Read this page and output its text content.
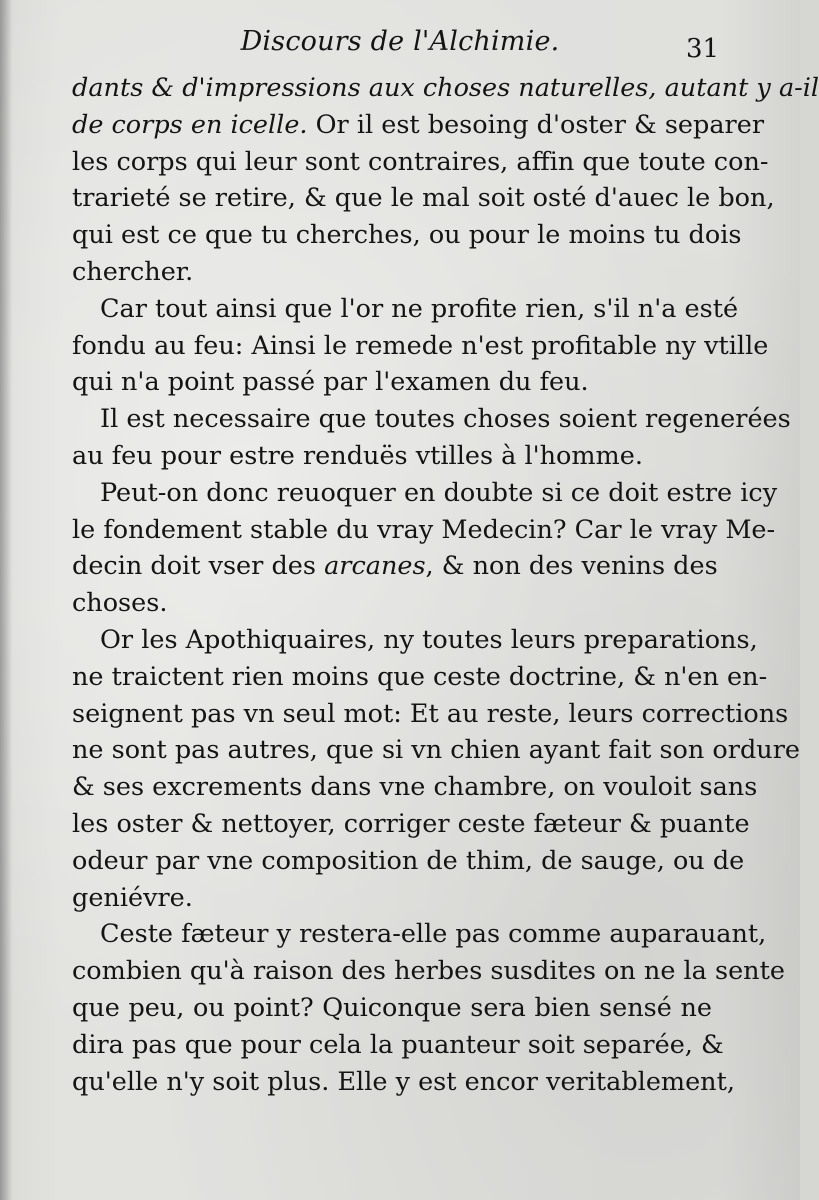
Discours de l'Alchimie.	31
dants & d'impressions aux choses naturelles, autant y a-il
de corps en icelle. Or il est besoing d'oster & separer
les corps qui leur sont contraires, affin que toute con-
trarieté se retire, & que le mal soit osté d'auec le bon,
qui est ce que tu cherches, ou pour le moins tu dois
chercher.
Car tout ainsi que l'or ne profite rien, s'il n'a esté
fondu au feu: Ainsi le remede n'est profitable ny vtille
qui n'a point passé par l'examen du feu.
Il est necessaire que toutes choses soient regenerées
au feu pour estre renduës vtilles à l'homme.
Peut-on donc reuoquer en doubte si ce doit estre icy
le fondement stable du vray Medecin? Car le vray Me-
decin doit vser des arcanes, & non des venins des
choses.
Or les Apothiquaires, ny toutes leurs preparations,
ne traictent rien moins que ceste doctrine, & n'en en-
seignent pas vn seul mot: Et au reste, leurs corrections
ne sont pas autres, que si vn chien ayant fait son ordure
& ses excrements dans vne chambre, on vouloit sans
les oster & nettoyer, corriger ceste fæteur & puante
odeur par vne composition de thim, de sauge, ou de
geniévre.
Ceste fæteur y restera-elle pas comme auparauant,
combien qu'à raison des herbes susdites on ne la sente
que peu, ou point? Quiconque sera bien sensé ne
dira pas que pour cela la puanteur soit separée, &
qu'elle n'y soit plus. Elle y est encor veritablement,
